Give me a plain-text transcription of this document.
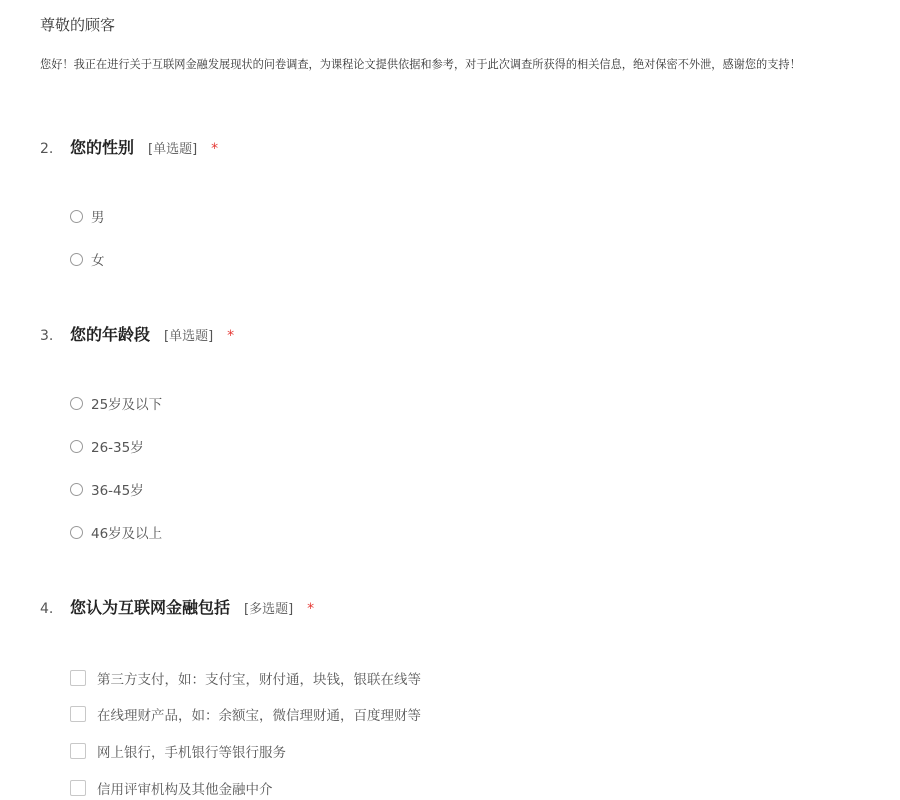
尊敬的顾客
您好！我正在进行关于互联网金融发展现状的问卷调查，为课程论文提供依据和参考，对于此次调查所获得的相关信息，绝对保密不外泄，感谢您的支持！
2.	您的性别 [单选题] *
男
女
3.	您的年龄段 [单选题] *
25岁及以下
26-35岁
36-45岁
46岁及以上
4.	您认为互联网金融包括 [多选题] *
第三方支付，如：支付宝，财付通，块钱，银联在线等
在线理财产品，如：余额宝，微信理财通，百度理财等
网上银行，手机银行等银行服务
信用评审机构及其他金融中介
